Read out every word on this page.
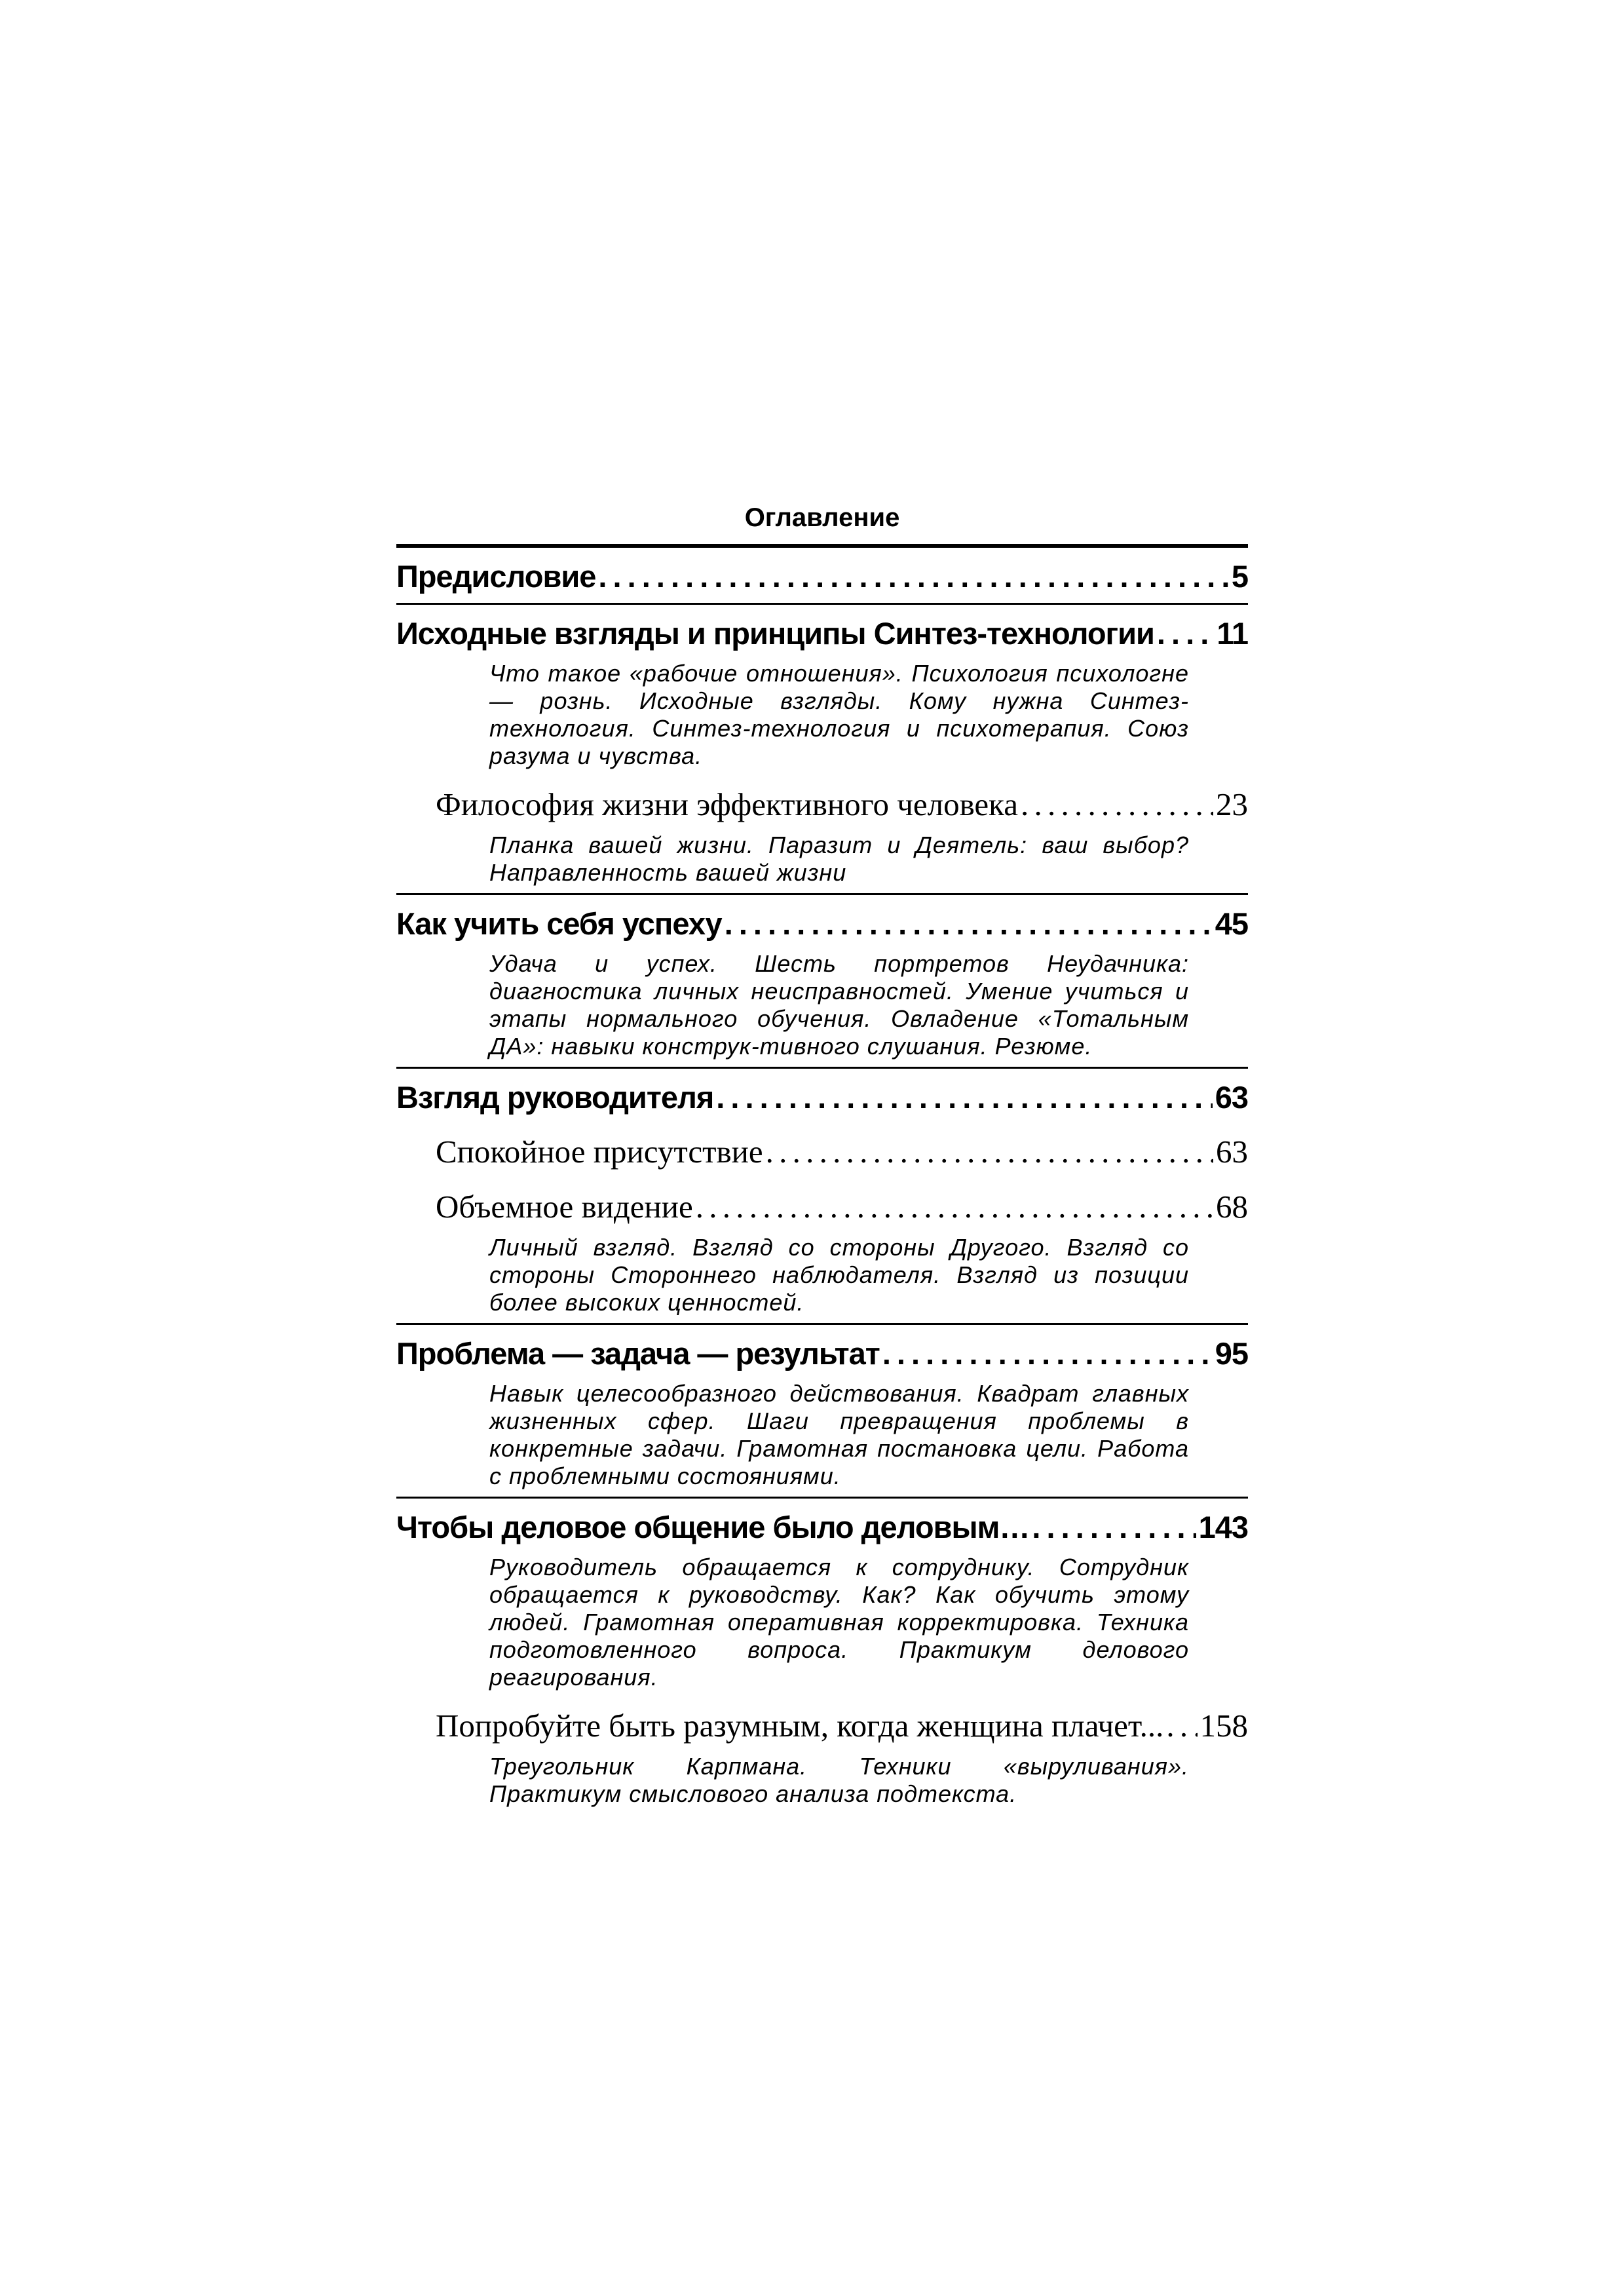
Оглавление
Предисловие . . .	5
Исходные взгляды и принципы Синтез-технологии . . . 11
Что такое «рабочие отношения». Психология психологне — рознь. Исходные взгляды. Кому нужна Синтез-технология. Синтез-технология и психотерапия. Союз разума и чувства.
Философия жизни эффективного человека . . .	23
Планка вашей жизни. Паразит и Деятель: ваш выбор? Направленность вашей жизни
Как учить себя успеху . . .	45
Удача и успех. Шесть портретов Неудачника: диагностика личных неисправностей. Умение учиться и этапы нормального обучения. Овладение «Тотальным ДА»: навыки конструк-тивного слушания. Резюме.
Взгляд руководителя . . .	63
Спокойное присутствие . . .	63
Объемное видение . . .	68
Личный взгляд. Взгляд со стороны Другого. Взгляд со стороны Стороннего наблюдателя. Взгляд из позиции более высоких ценностей.
Проблема — задача — результат . . .	95
Навык целесообразного действования. Квадрат главных жизненных сфер. Шаги превращения проблемы в конкретные задачи. Грамотная постановка цели. Работа с проблемными состояниями.
Чтобы деловое общение было деловым… . . .	143
Руководитель обращается к сотруднику. Сотрудник обращается к руководству. Как? Как обучить этому людей. Грамотная оперативная корректировка. Техника подготовленного вопроса. Практикум делового реагирования.
Попробуйте быть разумным, когда женщина плачет... . . . 158
Треугольник Карпмана. Техники «выруливания». Практикум смыслового анализа подтекста.
